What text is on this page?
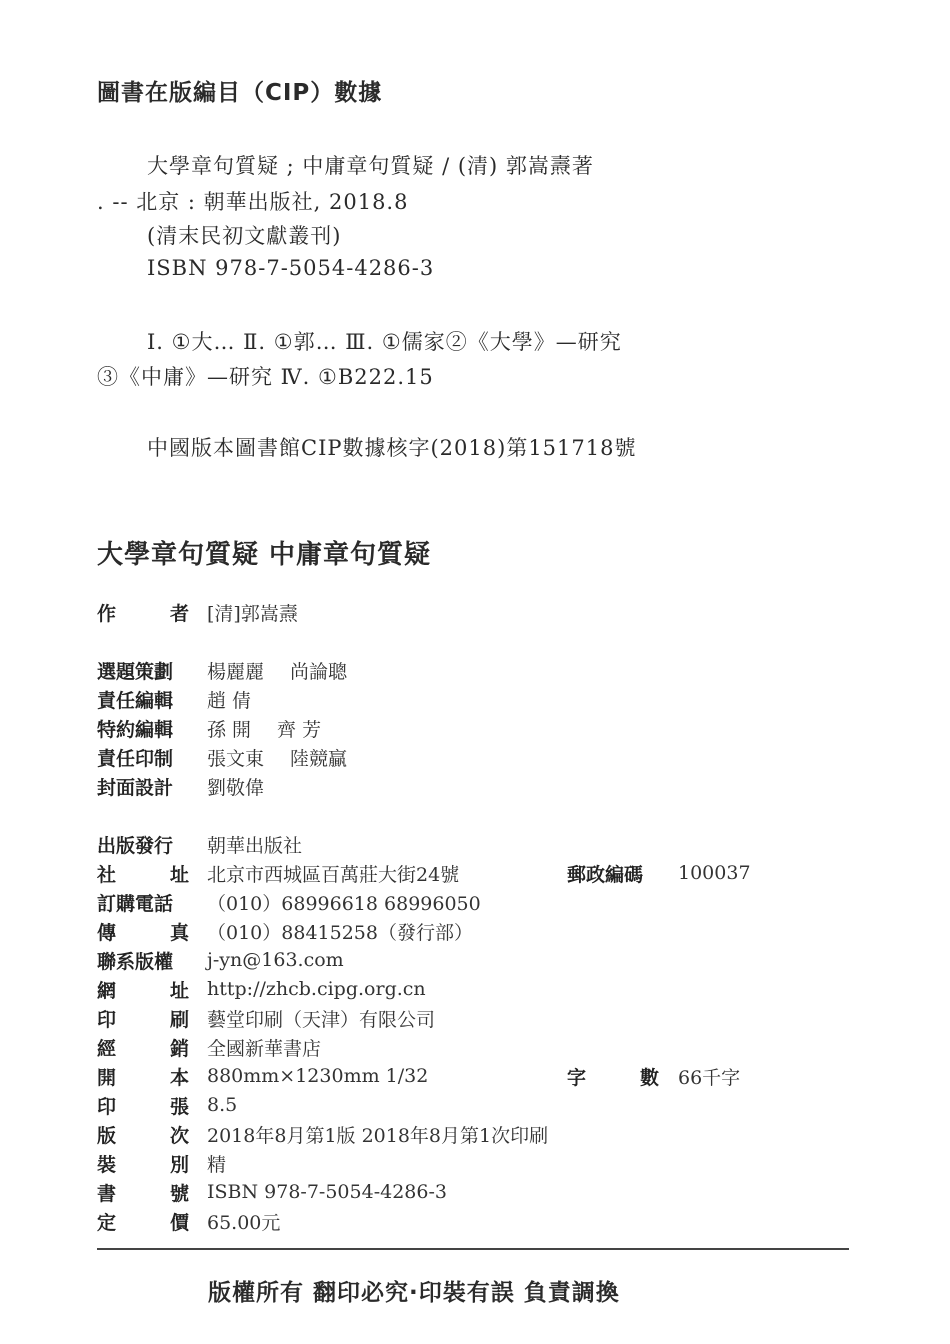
圖書在版編目（CIP）數據
大學章句質疑 ; 中庸章句質疑 / (清) 郭嵩燾著
. -- 北京 : 朝華出版社, 2018.8
(清末民初文獻叢刊)
ISBN 978-7-5054-4286-3
Ⅰ. ①大… Ⅱ. ①郭… Ⅲ. ①儒家②《大學》—研究
③《中庸》—研究 Ⅳ. ①B222.15
中國版本圖書館CIP數據核字(2018)第151718號
大學章句質疑 中庸章句質疑
作	者 [清]郭嵩燾
選題策劃	楊麗麗 尚論聰
責任編輯	趙 倩
特約編輯	孫 開 齊 芳
責任印制	張文東 陸競贏
封面設計	劉敬偉
出版發行	朝華出版社
社	址 北京市西城區百萬莊大街24號	郵政編碼	100037
訂購電話	（010）68996618 68996050
傳	真 （010）88415258（發行部）
聯系版權	j-yn@163.com
網	址 http://zhcb.cipg.org.cn
印	刷 藝堂印刷（天津）有限公司
經	銷 全國新華書店
開	本 880mm×1230mm 1/32	字	數 66千字
印	張 8.5
版	次 2018年8月第1版 2018年8月第1次印刷
裝	別 精
書	號 ISBN 978-7-5054-4286-3
定	價 65.00元
版權所有 翻印必究·印裝有誤 負責調換
